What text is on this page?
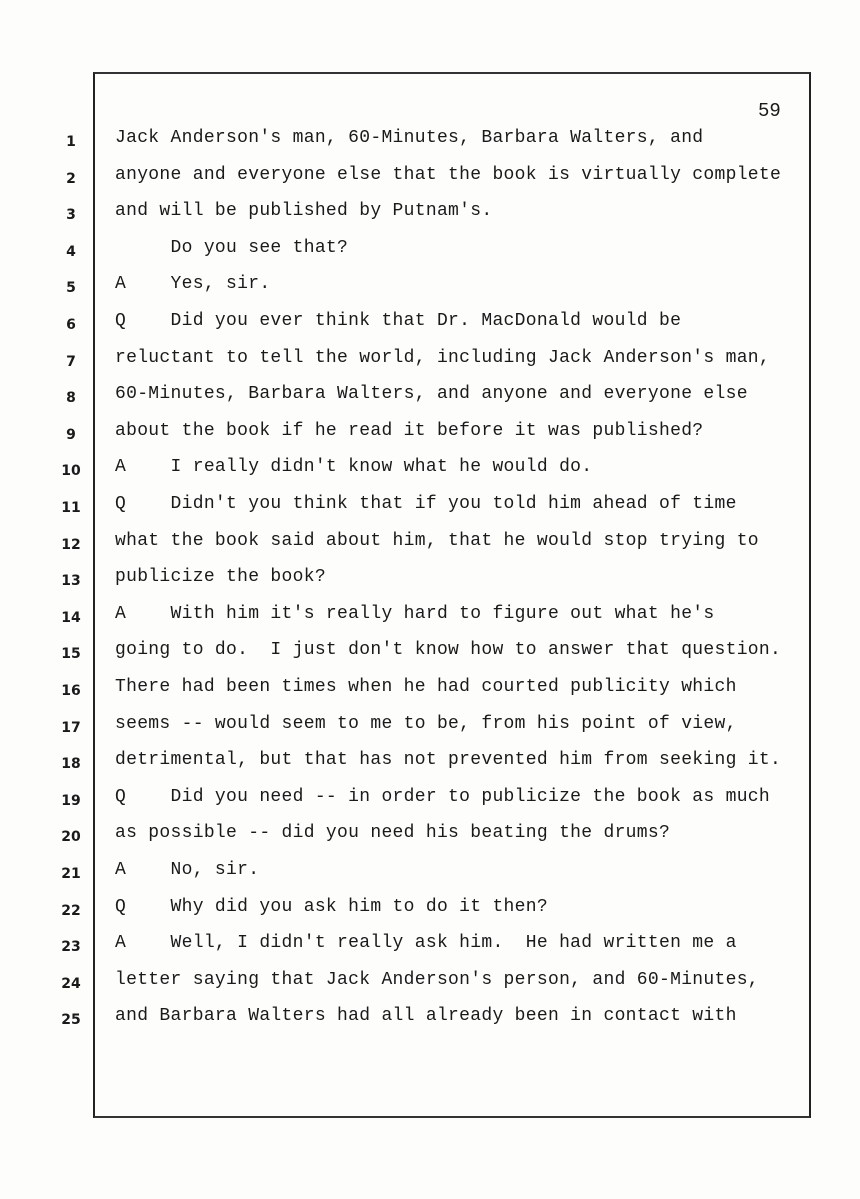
59
1	Jack Anderson's man, 60-Minutes, Barbara Walters, and
2	anyone and everyone else that the book is virtually complete
3	and will be published by Putnam's.
4	Do you see that?
5	A    Yes, sir.
6	Q    Did you ever think that Dr. MacDonald would be
7	reluctant to tell the world, including Jack Anderson's man,
8	60-Minutes, Barbara Walters, and anyone and everyone else
9	about the book if he read it before it was published?
10	A    I really didn't know what he would do.
11	Q    Didn't you think that if you told him ahead of time
12	what the book said about him, that he would stop trying to
13	publicize the book?
14	A    With him it's really hard to figure out what he's
15	going to do.  I just don't know how to answer that question.
16	There had been times when he had courted publicity which
17	seems -- would seem to me to be, from his point of view,
18	detrimental, but that has not prevented him from seeking it.
19	Q    Did you need -- in order to publicize the book as much
20	as possible -- did you need his beating the drums?
21	A    No, sir.
22	Q    Why did you ask him to do it then?
23	A    Well, I didn't really ask him.  He had written me a
24	letter saying that Jack Anderson's person, and 60-Minutes,
25	and Barbara Walters had all already been in contact with
